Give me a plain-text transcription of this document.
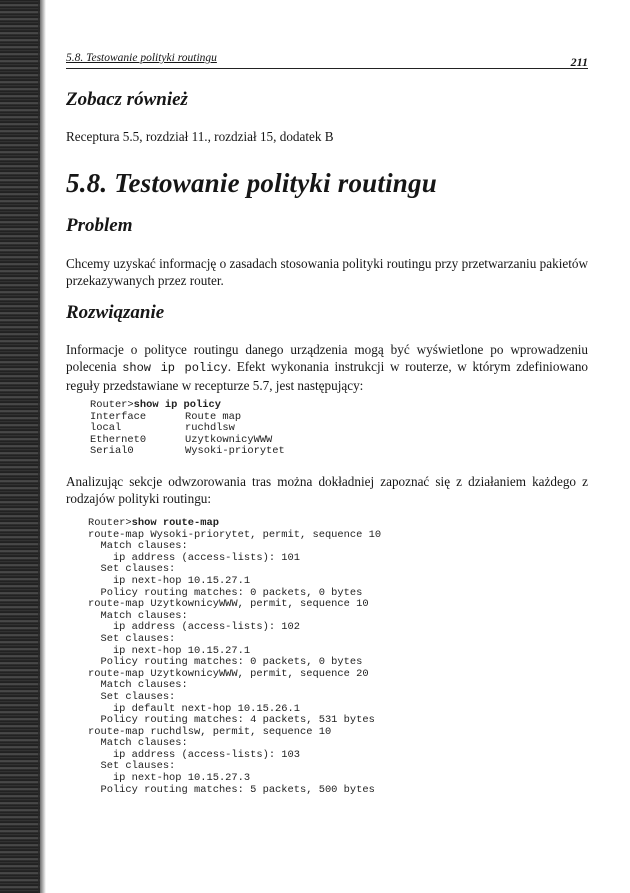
5.8. Testowanie polityki routingu	211
Zobacz również

Receptura 5.5, rozdział 11., rozdział 15, dodatek B

5.8. Testowanie polityki routingu
Problem

Chcemy uzyskać informację o zasadach stosowania polityki routingu przy przetwarzaniu pakietów przekazywanych przez router.

Rozwiązanie

Informacje o polityce routingu danego urządzenia mogą być wyświetlone po wprowadzeniu polecenia show ip policy. Efekt wykonania instrukcji w routerze, w którym zdefiniowano reguły przedstawiane w recepturze 5.7, jest następujący:

Router> show ip policy
Interface	Route map
local	ruchdlsw
Ethernet0	UzytkownicyWWW
Serial0	Wysoki-priorytet

Analizując sekcje odwzorowania tras można dokładniej zapoznać się z działaniem każdego z rodzajów polityki routingu:

Router>show route-map
route-map Wysoki-priorytet, permit, sequence 10
Match clauses:
ip address (access-lists): 101
Set clauses:
ip next-hop 10.15.27.1
Policy routing matches: 0 packets, 0 bytes
route-map UzytkownicyWWW, permit, sequence 10
Match clauses:
ip address (access-lists): 102
Set clauses:
ip next-hop 10.15.27.1
Policy routing matches: 0 packets, 0 bytes
route-map UzytkownicyWWW, permit, sequence 20
Match clauses:
Set clauses:
ip default next-hop 10.15.26.1
Policy routing matches: 4 packets, 531 bytes
route-map ruchdlsw, permit, sequence 10
Match clauses:
ip address (access-lists): 103
Set clauses:
ip next-hop 10.15.27.3
Policy routing matches: 5 packets, 500 bytes
